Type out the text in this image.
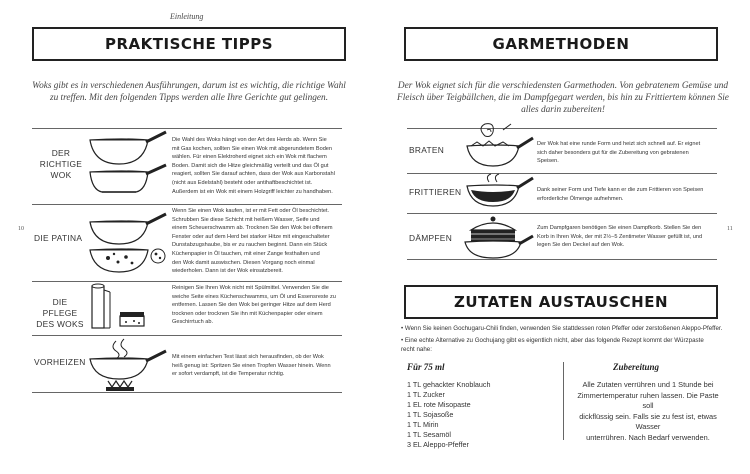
Einleitung
PRAKTISCHE TIPPS
Woks gibt es in verschiedenen Ausführungen, darum ist es wichtig, die richtige Wahl
zu treffen. Mit den folgenden Tipps werden alle Ihre Gerichte gut gelingen.
10
DER
RICHTIGE
WOK
Die Wahl des Woks hängt von der Art des Herds ab. Wenn Sie
mit Gas kochen, sollten Sie einen Wok mit abgerundetem Boden
wählen. Für einen Elektroherd eignet sich ein Wok mit flachem
Boden. Damit sich die Hitze gleichmäßig verteilt und das Öl gut
reagiert, sollten Sie darauf achten, dass der Wok aus Karbonstahl
(nicht aus Edelstahl) besteht oder antihaftbeschichtet ist.
Außerdem ist ein Wok mit einem Holzgriff leichter zu handhaben.
DIE PATINA
Wenn Sie einen Wok kaufen, ist er mit Fett oder Öl beschichtet.
Schrubben Sie diese Schicht mit heißem Wasser, Seife und
einem Scheuerschwamm ab. Trocknen Sie den Wok bei offenem
Fenster oder auf dem Herd bei starker Hitze mit eingeschalteter
Dunstabzugshaube, bis er zu rauchen beginnt. Dann ein Stück
Küchenpapier in Öl tauchen, mit einer Zange festhalten und
den Wok damit auswischen. Diesen Vorgang noch einmal
wiederholen. Dann ist der Wok einsatzbereit.
DIE PFLEGE
DES WOKS
Reinigen Sie Ihren Wok nicht mit Spülmittel. Verwenden Sie die
weiche Seite eines Küchenschwamms, um Öl und Essensreste zu
entfernen. Lassen Sie den Wok bei geringer Hitze auf dem Herd
trocknen oder trocknen Sie ihn mit Küchenpapier oder einem
Geschirrtuch ab.
VORHEIZEN	Mit einem einfachen Test lässt sich herausfinden, ob der Wok
heiß genug ist: Spritzen Sie einen Tropfen Wasser hinein. Wenn
er sofort verdampft, ist die Temperatur richtig.
GARMETHODEN
Der Wok eignet sich für die verschiedensten Garmethoden. Von gebratenem Gemüse und
Fleisch über Teigbällchen, die im Dampfgegart werden, bis hin zu Frittiertem können Sie
alles darin zubereiten!
11
BRATEN
Der Wok hat eine runde Form und heizt sich schnell auf. Er eignet
sich daher besonders gut für die Zubereitung von gebratenen
Speisen.
FRITTIEREN	Dank seiner Form und Tiefe kann er die zum Frittieren von Speisen
erforderliche Ölmenge aufnehmen.
DÄMPFEN
Zum Dampfgaren benötigen Sie einen Dampfkorb. Stellen Sie den
Korb in Ihren Wok, der mit 2½–5 Zentimeter Wasser gefüllt ist, und
legen Sie den Deckel auf den Wok.
ZUTATEN AUSTAUSCHEN
• Wenn Sie keinen Gochugaru-Chili finden, verwenden Sie stattdessen roten Pfeffer oder zerstoßenen Aleppo-Pfeffer.
• Eine echte Alternative zu Gochujang gibt es eigentlich nicht, aber das folgende Rezept kommt der Würzpaste
recht nahe:
Für 75 ml	Zubereitung
1 TL gehackter Knoblauch
1 TL Zucker
1 EL rote Misopaste
1 TL Sojasoße
1 TL Mirin
1 TL Sesamöl
3 EL Aleppo-Pfeffer
Alle Zutaten verrühren und 1 Stunde bei
Zimmertemperatur ruhen lassen. Die Paste soll
dickflüssig sein. Falls sie zu fest ist, etwas Wasser
unterrühren. Nach Bedarf verwenden.
